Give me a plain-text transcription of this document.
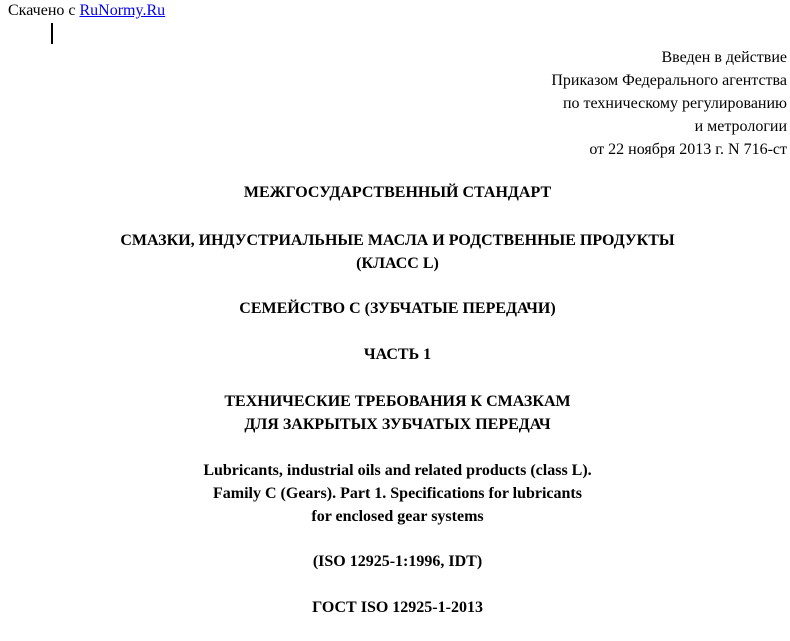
Скачено с RuNormy.Ru
Введен в действие
Приказом Федерального агентства
по техническому регулированию
и метрологии
от 22 ноября 2013 г. N 716-ст
МЕЖГОСУДАРСТВЕННЫЙ СТАНДАРТ
СМАЗКИ, ИНДУСТРИАЛЬНЫЕ МАСЛА И РОДСТВЕННЫЕ ПРОДУКТЫ
(КЛАСС L)
СЕМЕЙСТВО C (ЗУБЧАТЫЕ ПЕРЕДАЧИ)
ЧАСТЬ 1
ТЕХНИЧЕСКИЕ ТРЕБОВАНИЯ К СМАЗКАМ
ДЛЯ ЗАКРЫТЫХ ЗУБЧАТЫХ ПЕРЕДАЧ
Lubricants, industrial oils and related products (class L).
Family C (Gears). Part 1. Specifications for lubricants
for enclosed gear systems
(ISO 12925-1:1996, IDT)
ГОСТ ISO 12925-1-2013
